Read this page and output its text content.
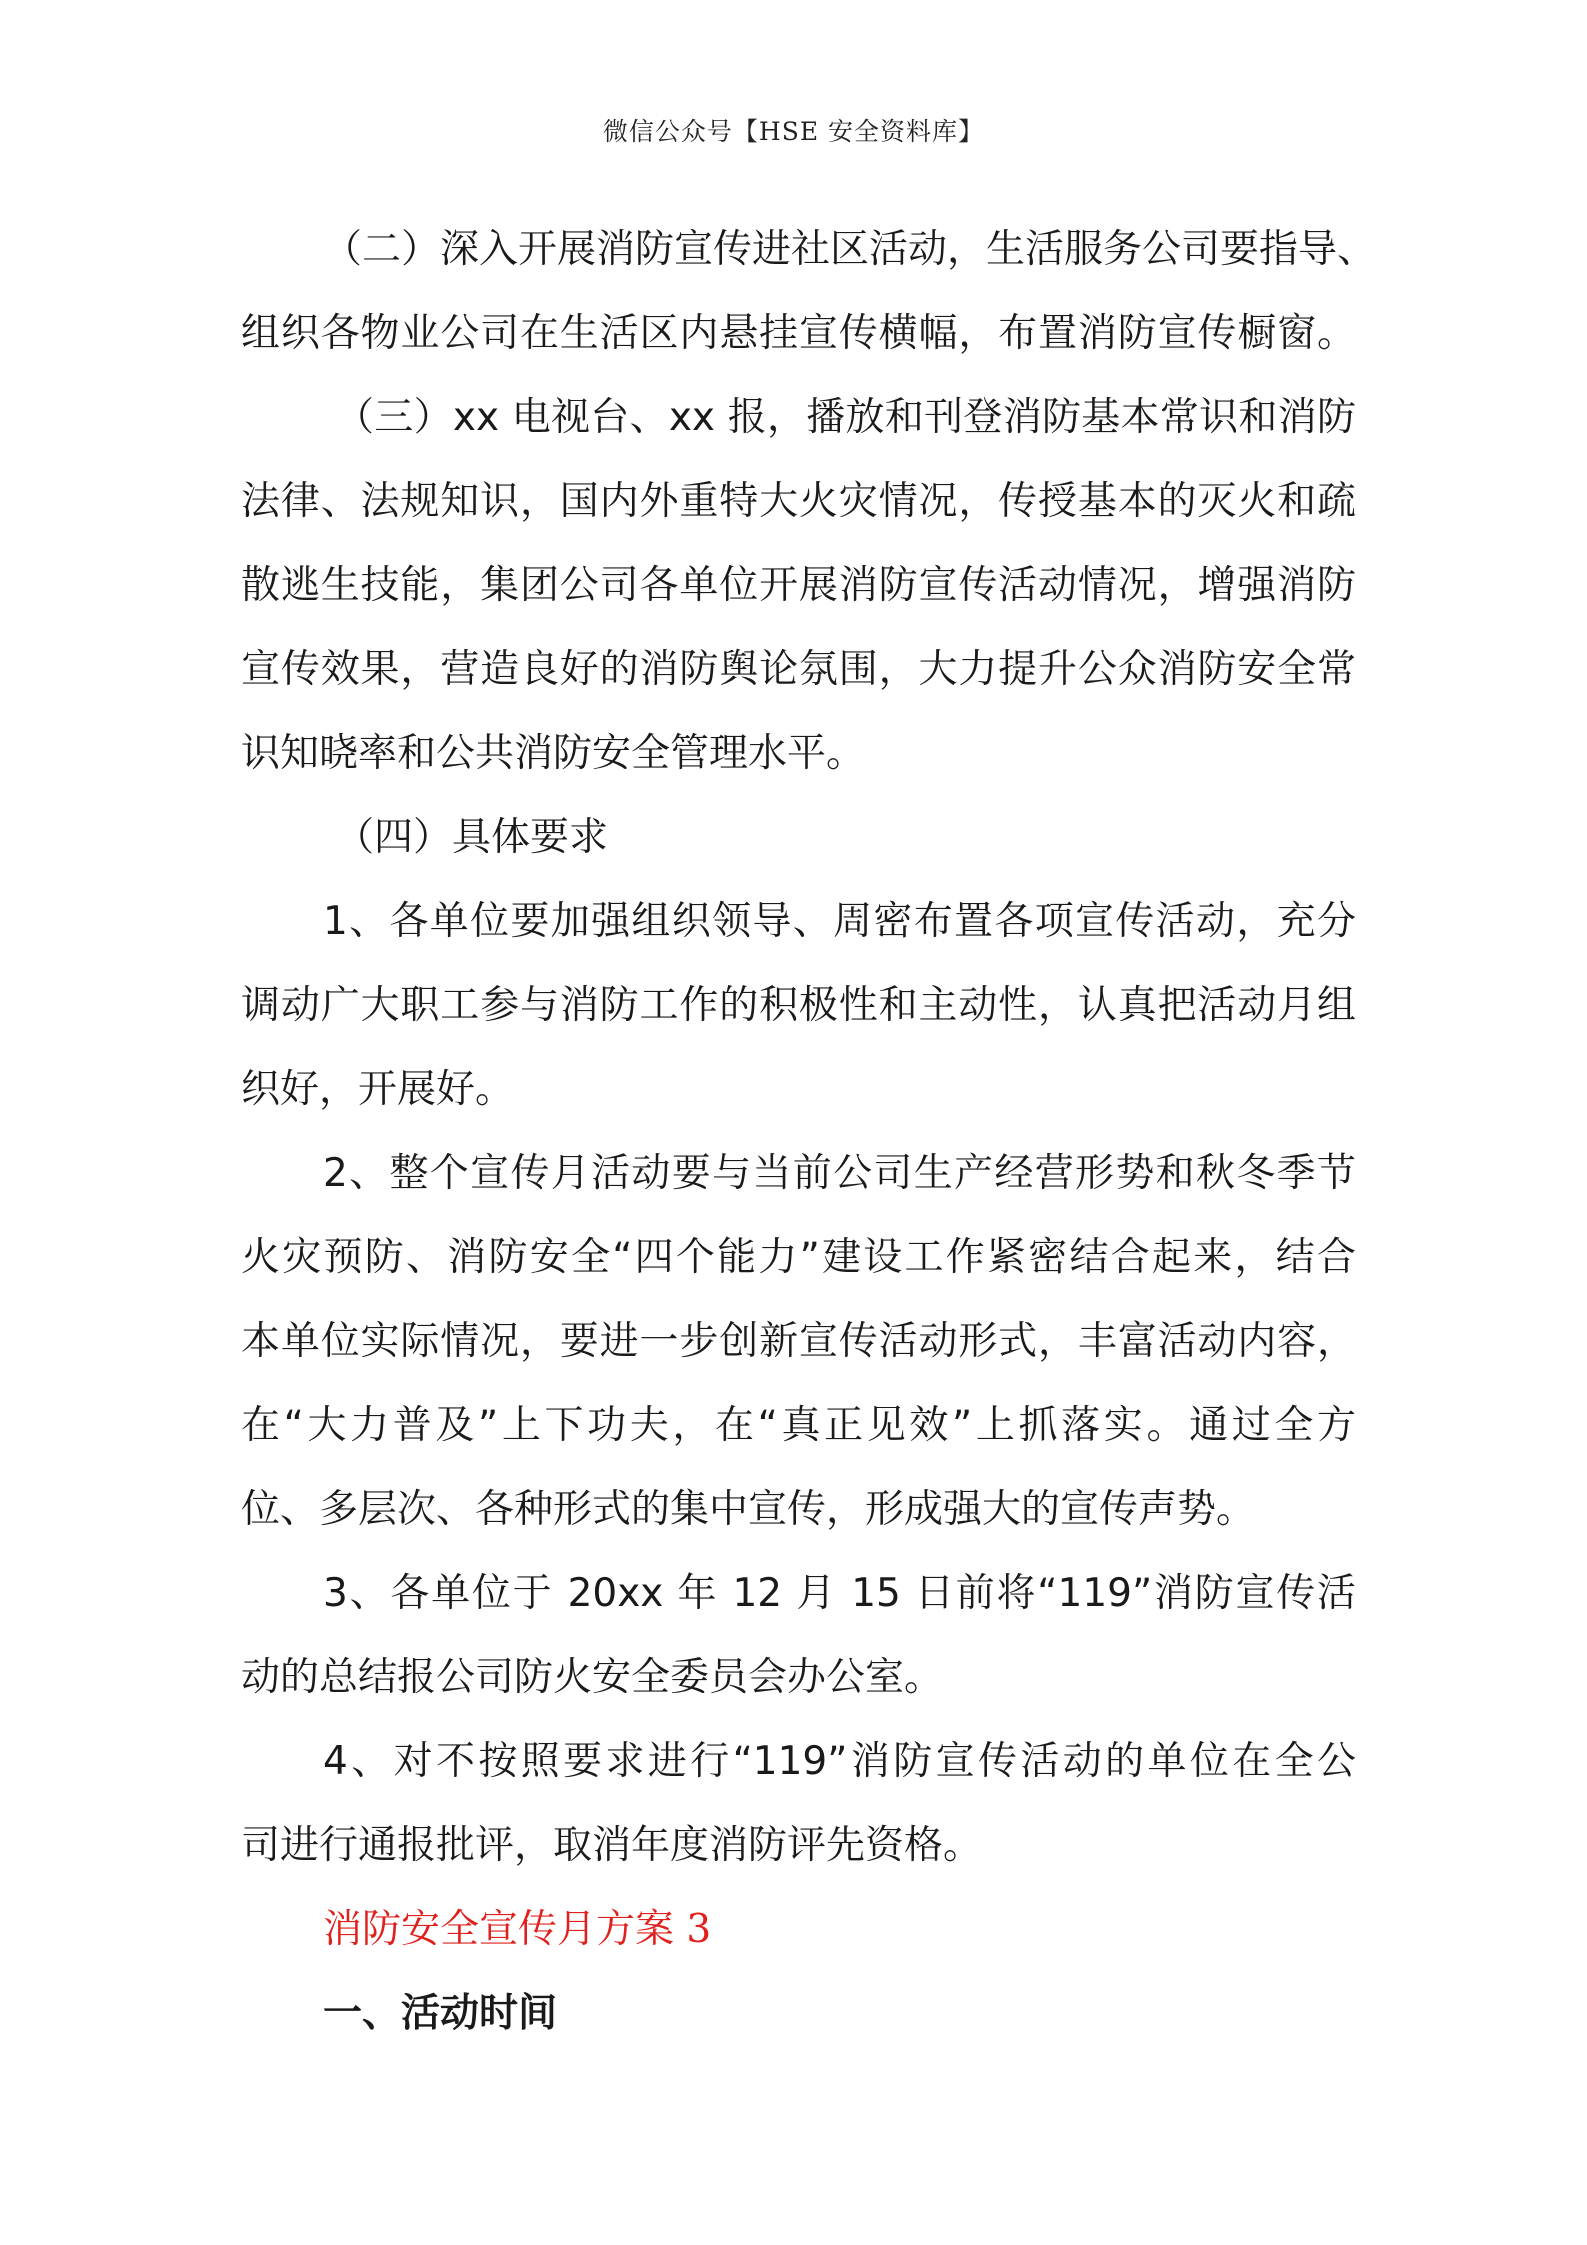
微信公众号【HSE 安全资料库】
（二）深入开展消防宣传进社区活动，生活服务公司要指导、
组织各物业公司在生活区内悬挂宣传横幅，布置消防宣传橱窗。
（三）xx 电视台、xx 报，播放和刊登消防基本常识和消防
法律、法规知识，国内外重特大火灾情况，传授基本的灭火和疏
散逃生技能，集团公司各单位开展消防宣传活动情况，增强消防
宣传效果，营造良好的消防舆论氛围，大力提升公众消防安全常
识知晓率和公共消防安全管理水平。
（四）具体要求
1、各单位要加强组织领导、周密布置各项宣传活动，充分
调动广大职工参与消防工作的积极性和主动性，认真把活动月组
织好，开展好。
2、整个宣传月活动要与当前公司生产经营形势和秋冬季节
火灾预防、消防安全“四个能力”建设工作紧密结合起来，结合
本单位实际情况，要进一步创新宣传活动形式，丰富活动内容，
在“大力普及”上下功夫，在“真正见效”上抓落实。通过全方
位、多层次、各种形式的集中宣传，形成强大的宣传声势。
3、各单位于 20xx 年 12 月 15 日前将“119”消防宣传活
动的总结报公司防火安全委员会办公室。
4、对不按照要求进行“119”消防宣传活动的单位在全公
司进行通报批评，取消年度消防评先资格。
消防安全宣传月方案 3
一、活动时间
